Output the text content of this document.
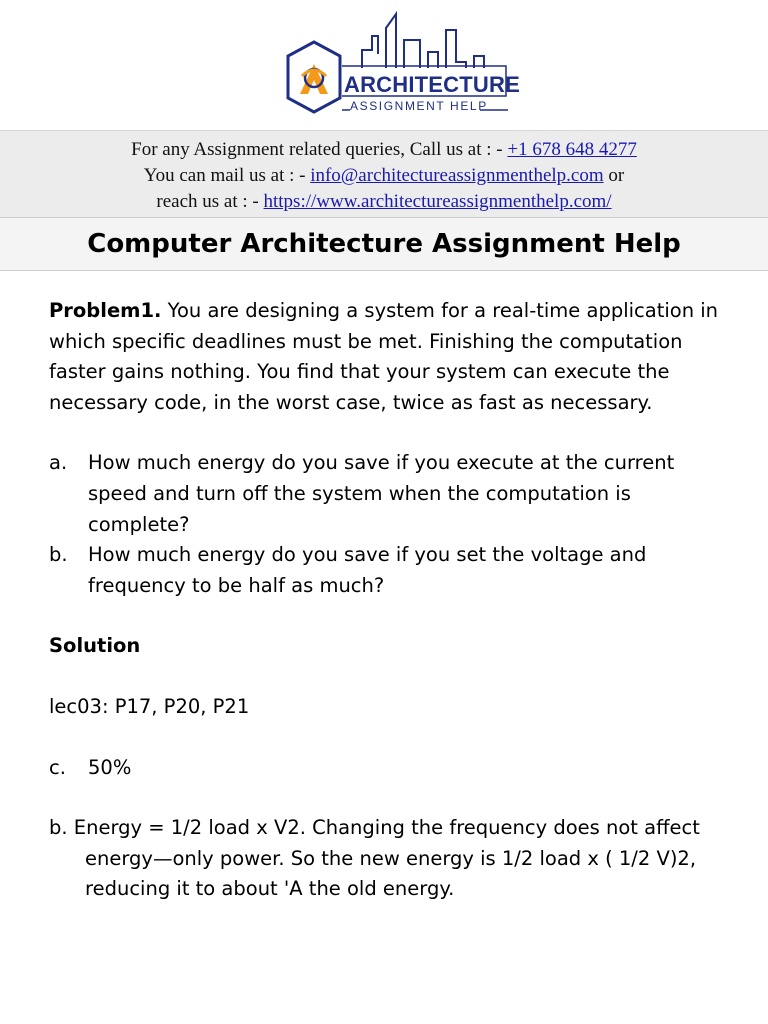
ARCHITECTURE
ASSIGNMENT HELP
For any Assignment related queries, Call us at : - +1 678 648 4277
You can mail us at : - info@architectureassignmenthelp.com or
reach us at : - https://www.architectureassignmenthelp.com/
Computer Architecture Assignment Help

Problem1. You are designing a system for a real-time application in which specific deadlines must be met. Finishing the computation faster gains nothing. You find that your system can execute the necessary code, in the worst case, twice as fast as necessary.

a.	How much energy do you save if you execute at the current speed and turn off the system when the computation is complete?
b.	How much energy do you save if you set the voltage and frequency to be half as much?

Solution

lec03: P17, P20, P21

c.	50%

b. Energy = 1/2 load x V2. Changing the frequency does not affect energy—only power. So the new energy is 1/2 load x ( 1/2 V)2, reducing it to about 'A the old energy.
